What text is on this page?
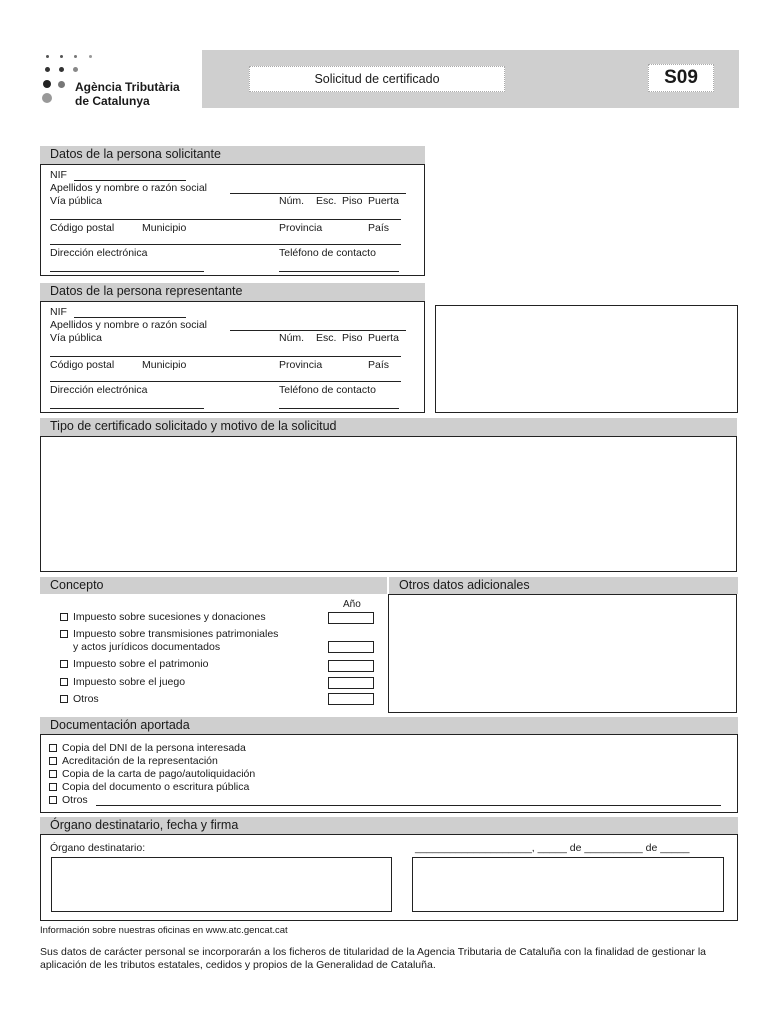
Agència Tributària
de Catalunya
Solicitud de certificado	S09
Datos de la persona solicitante
NIF
Apellidos y nombre o razón social
Vía pública	Núm. Esc. Piso Puerta
Código postal	Municipio	Provincia	País
Dirección electrónica	Teléfono de contacto
Datos de la persona representante
NIF
Apellidos y nombre o razón social
Vía pública	Núm. Esc. Piso Puerta
Código postal	Municipio	Provincia	País
Dirección electrónica	Teléfono de contacto
Tipo de certificado solicitado y motivo de la solicitud
Concepto	Otros datos adicionales
Año
Impuesto sobre sucesiones y donaciones
Impuesto sobre transmisiones patrimoniales
y actos jurídicos documentados
Impuesto sobre el patrimonio
Impuesto sobre el juego
Otros
Documentación aportada
Copia del DNI de la persona interesada
Acreditación de la representación
Copia de la carta de pago/autoliquidación
Copia del documento o escritura pública
Otros
Órgano destinatario, fecha y firma
Órgano destinatario:	____________________, _____ de __________ de _____
Información sobre nuestras oficinas en www.atc.gencat.cat
Sus datos de carácter personal se incorporarán a los ficheros de titularidad de la Agencia Tributaria de Cataluña con la finalidad de gestionar la aplicación de les tributos estatales, cedidos y propios de la Generalidad de Cataluña.
